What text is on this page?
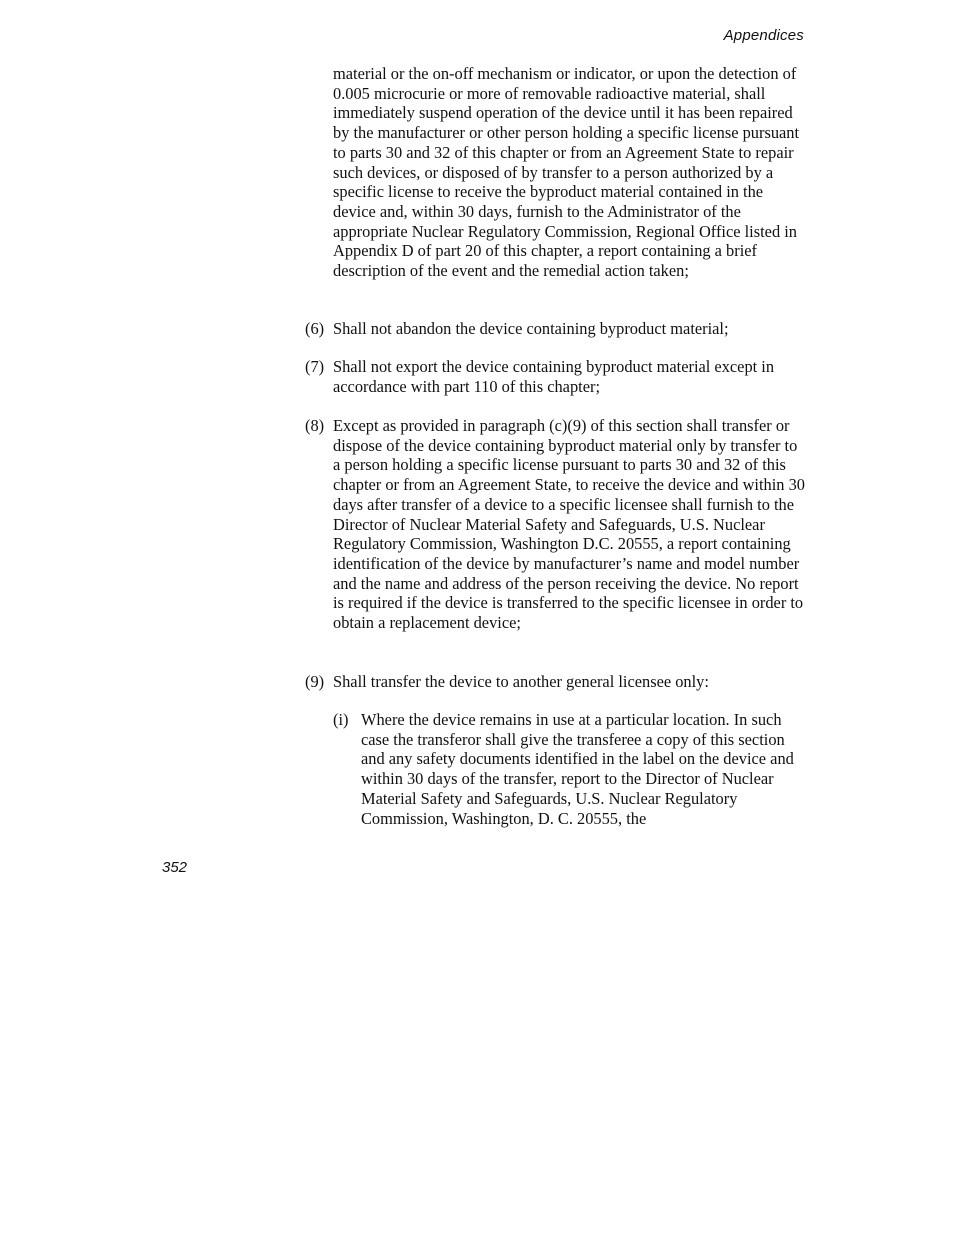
Appendices

material or the on-off mechanism or indicator, or upon the detection of 0.005 microcurie or more of removable radioactive material, shall immediately suspend operation of the device until it has been repaired by the manufacturer or other person holding a specific license pursuant to parts 30 and 32 of this chapter or from an Agreement State to repair such devices, or disposed of by transfer to a person authorized by a specific license to receive the byproduct material contained in the device and, within 30 days, furnish to the Administrator of the appropriate Nuclear Regulatory Commission, Regional Office listed in Appendix D of part 20 of this chapter, a report containing a brief description of the event and the remedial action taken;

(6) Shall not abandon the device containing byproduct material;

(7) Shall not export the device containing byproduct material except in accordance with part 110 of this chapter;

(8) Except as provided in paragraph (c)(9) of this section shall transfer or dispose of the device containing byproduct material only by transfer to a person holding a specific license pursuant to parts 30 and 32 of this chapter or from an Agreement State, to receive the device and within 30 days after transfer of a device to a specific licensee shall furnish to the Director of Nuclear Material Safety and Safeguards, U.S. Nuclear Regulatory Commission, Washington D.C. 20555, a report containing identification of the device by manufacturer’s name and model number and the name and address of the person receiving the device. No report is required if the device is transferred to the specific licensee in order to obtain a replacement device;

(9) Shall transfer the device to another general licensee only:

(i) Where the device remains in use at a particular location. In such case the transferor shall give the transferee a copy of this section and any safety documents identified in the label on the device and within 30 days of the transfer, report to the Director of Nuclear Material Safety and Safeguards, U.S. Nuclear Regulatory Commission, Washington, D. C. 20555, the

352
